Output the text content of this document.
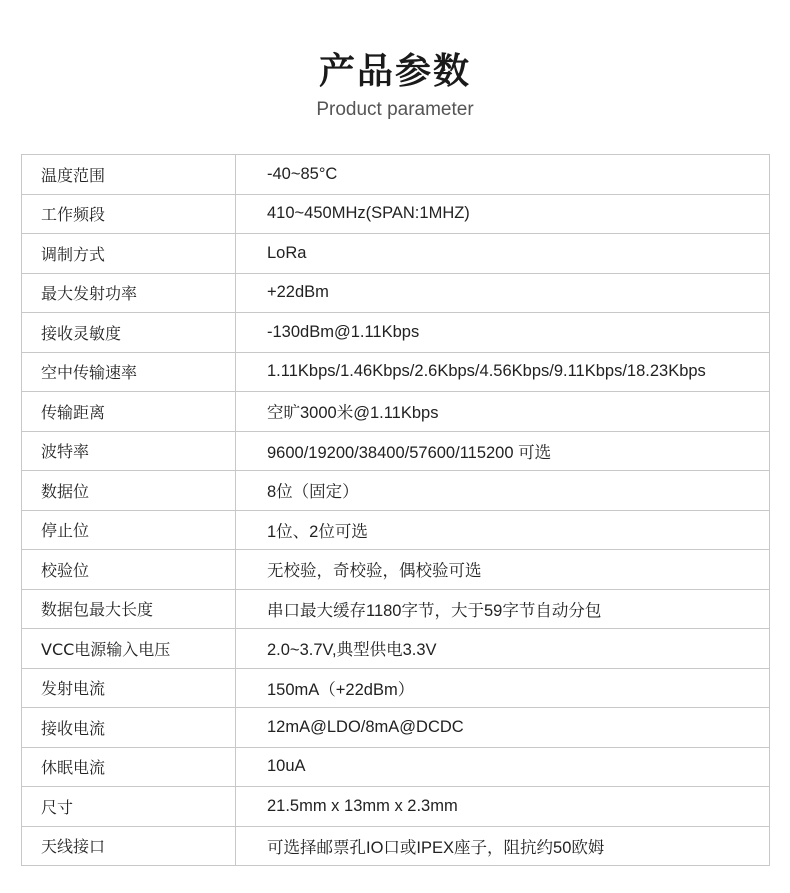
产品参数
Product parameter
温度范围	-40~85°C
工作频段	410~450MHz(SPAN:1MHZ)
调制方式	LoRa
最大发射功率	+22dBm
接收灵敏度	-130dBm@1.11Kbps
空中传输速率	1.11Kbps/1.46Kbps/2.6Kbps/4.56Kbps/9.11Kbps/18.23Kbps
传输距离	空旷3000米@1.11Kbps
波特率	9600/19200/38400/57600/115200 可选
数据位	8位（固定）
停止位	1位、2位可选
校验位	无校验，奇校验，偶校验可选
数据包最大长度	串口最大缓存1180字节，大于59字节自动分包
VCC电源输入电压	2.0~3.7V,典型供电3.3V
发射电流	150mA（+22dBm）
接收电流	12mA@LDO/8mA@DCDC
休眠电流	10uA
尺寸	21.5mm x 13mm x 2.3mm
天线接口	可选择邮票孔IO口或IPEX座子，阻抗约50欧姆
